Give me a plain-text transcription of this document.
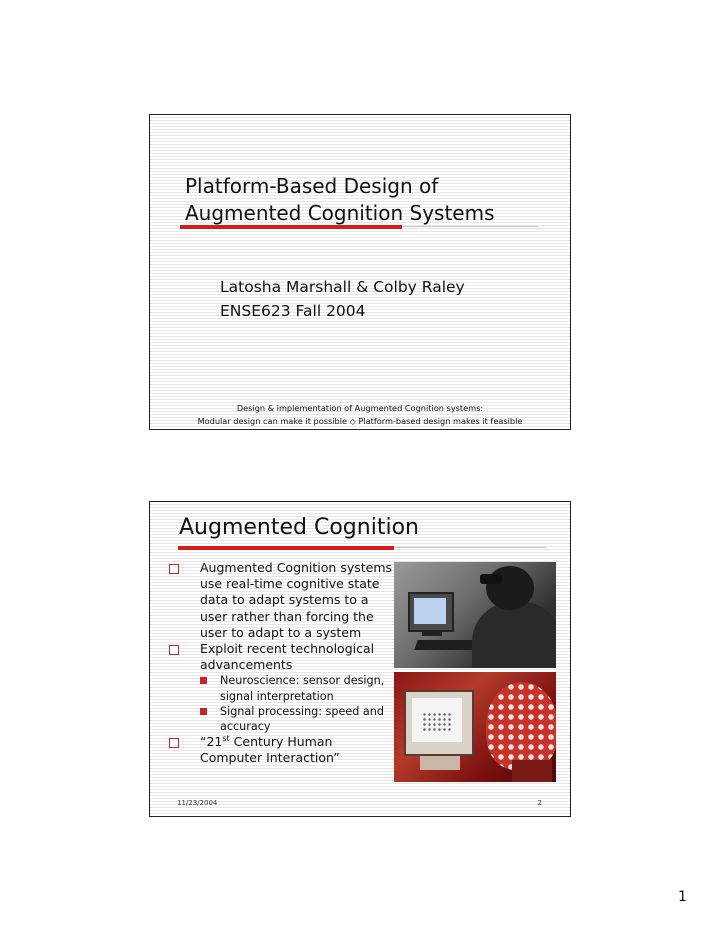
Platform-Based Design of
Augmented Cognition Systems
Latosha Marshall & Colby Raley
ENSE623 Fall 2004
Design & implementation of Augmented Cognition systems:
Modular design can make it possible ◇ Platform-based design makes it feasible
Augmented Cognition
Augmented Cognition systems use real-time cognitive state data to adapt systems to a user rather than forcing the user to adapt to a system
Exploit recent technological advancements
Neuroscience: sensor design, signal interpretation
Signal processing: speed and accuracy
“21st Century Human Computer Interaction”
11/23/2004	2
1
